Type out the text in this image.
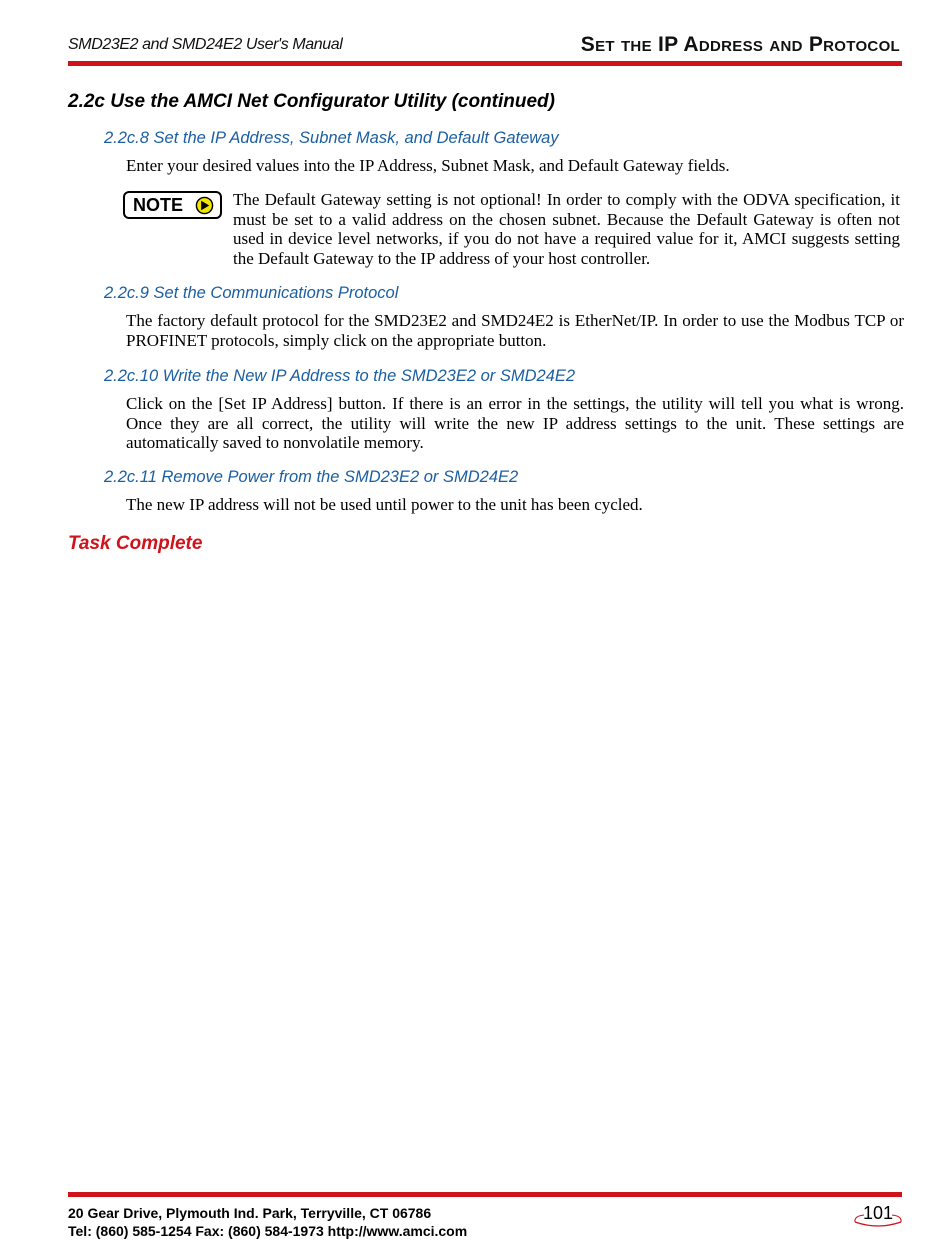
SMD23E2 and SMD24E2 User's Manual	Set the IP Address and Protocol
2.2c Use the AMCI Net Configurator Utility (continued)
2.2c.8 Set the IP Address, Subnet Mask, and Default Gateway
Enter your desired values into the IP Address, Subnet Mask, and Default Gateway fields.
NOTE	The Default Gateway setting is not optional! In order to comply with the ODVA specification, it must be set to a valid address on the chosen subnet. Because the Default Gateway is often not used in device level networks, if you do not have a required value for it, AMCI suggests setting the Default Gateway to the IP address of your host controller.
2.2c.9 Set the Communications Protocol
The factory default protocol for the SMD23E2 and SMD24E2 is EtherNet/IP. In order to use the Modbus TCP or PROFINET protocols, simply click on the appropriate button.
2.2c.10 Write the New IP Address to the SMD23E2 or SMD24E2
Click on the [Set IP Address] button. If there is an error in the settings, the utility will tell you what is wrong. Once they are all correct, the utility will write the new IP address settings to the unit. These settings are automatically saved to nonvolatile memory.
2.2c.11 Remove Power from the SMD23E2 or SMD24E2
The new IP address will not be used until power to the unit has been cycled.
Task Complete
20 Gear Drive, Plymouth Ind. Park, Terryville, CT 06786
Tel: (860) 585-1254 Fax: (860) 584-1973 http://www.amci.com
101
